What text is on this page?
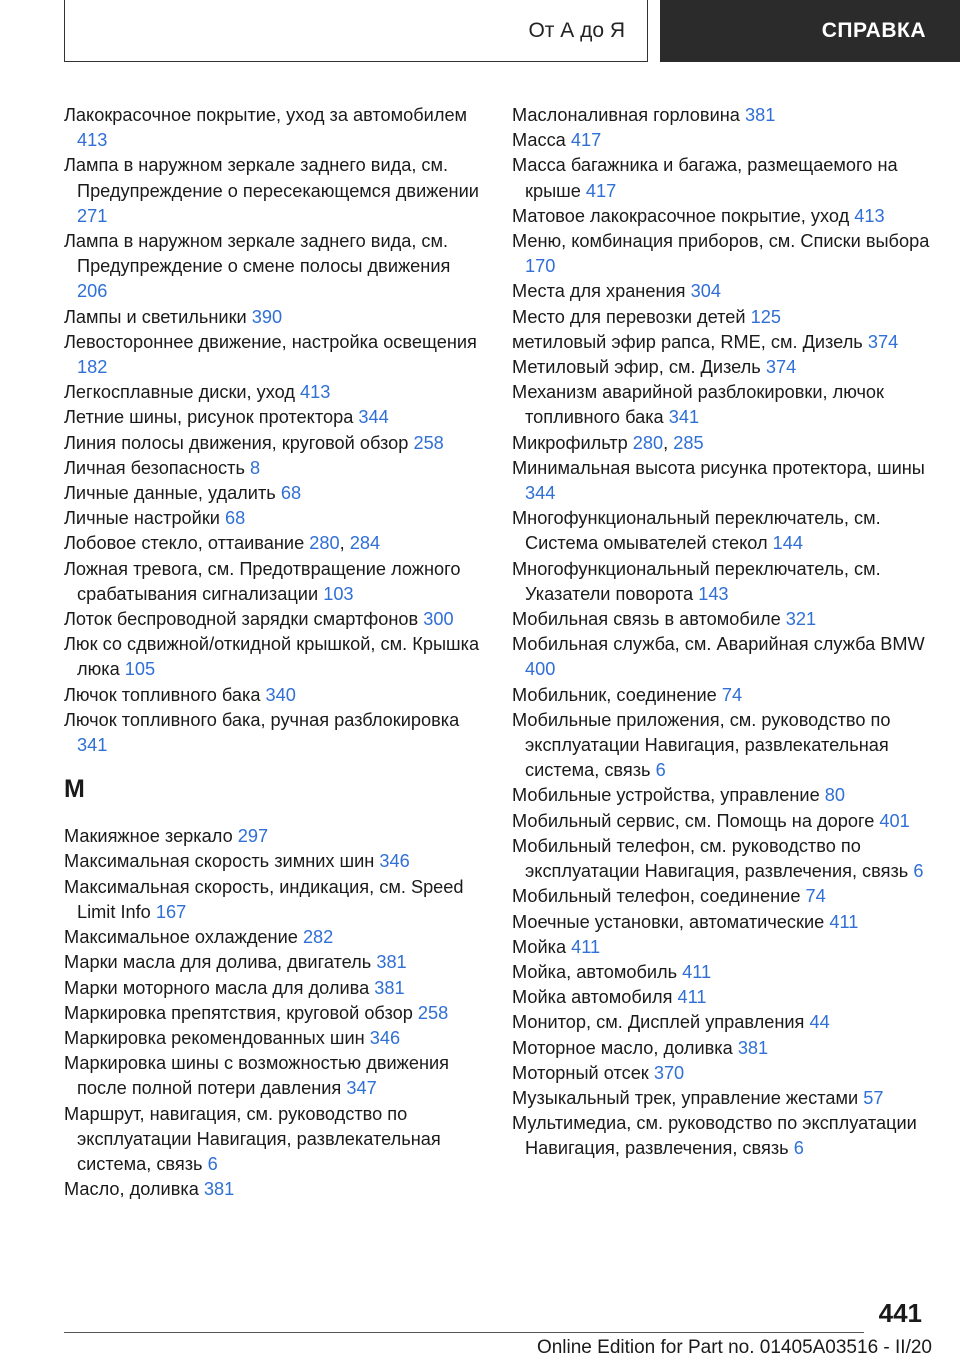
От А до Я	СПРАВКА
Лакокрасочное покрытие, уход за автомобилем 413
Лампа в наружном зеркале заднего вида, см. Предупреждение о пересекающемся движении 271
Лампа в наружном зеркале заднего вида, см. Предупреждение о смене полосы движения 206
Лампы и светильники 390
Левостороннее движение, настройка освещения 182
Легкосплавные диски, уход 413
Летние шины, рисунок протектора 344
Линия полосы движения, круговой обзор 258
Личная безопасность 8
Личные данные, удалить 68
Личные настройки 68
Лобовое стекло, оттаивание 280, 284
Ложная тревога, см. Предотвращение ложного срабатывания сигнализации 103
Лоток беспроводной зарядки смартфонов 300
Люк со сдвижной/откидной крышкой, см. Крышка люка 105
Лючок топливного бака 340
Лючок топливного бака, ручная разблокировка 341
М
Макияжное зеркало 297
Максимальная скорость зимних шин 346
Максимальная скорость, индикация, см. Speed Limit Info 167
Максимальное охлаждение 282
Марки масла для долива, двигатель 381
Марки моторного масла для долива 381
Маркировка препятствия, круговой обзор 258
Маркировка рекомендованных шин 346
Маркировка шины с возможностью движения после полной потери давления 347
Маршрут, навигация, см. руководство по эксплуатации Навигация, развлекательная система, связь 6
Масло, доливка 381
Маслоналивная горловина 381
Масса 417
Масса багажника и багажа, размещаемого на крыше 417
Матовое лакокрасочное покрытие, уход 413
Меню, комбинация приборов, см. Списки выбора 170
Места для хранения 304
Место для перевозки детей 125
метиловый эфир рапса, RME, см. Дизель 374
Метиловый эфир, см. Дизель 374
Механизм аварийной разблокировки, лючок топливного бака 341
Микрофильтр 280, 285
Минимальная высота рисунка протектора, шины 344
Многофункциональный переключатель, см. Система омывателей стекол 144
Многофункциональный переключатель, см. Указатели поворота 143
Мобильная связь в автомобиле 321
Мобильная служба, см. Аварийная служба BMW 400
Мобильник, соединение 74
Мобильные приложения, см. руководство по эксплуатации Навигация, развлекательная система, связь 6
Мобильные устройства, управление 80
Мобильный сервис, см. Помощь на дороге 401
Мобильный телефон, см. руководство по эксплуатации Навигация, развлечения, связь 6
Мобильный телефон, соединение 74
Моечные установки, автоматические 411
Мойка 411
Мойка, автомобиль 411
Мойка автомобиля 411
Монитор, см. Дисплей управления 44
Моторное масло, доливка 381
Моторный отсек 370
Музыкальный трек, управление жестами 57
Мультимедиа, см. руководство по эксплуатации Навигация, развлечения, связь 6
441
Online Edition for Part no. 01405A03516 - II/20
